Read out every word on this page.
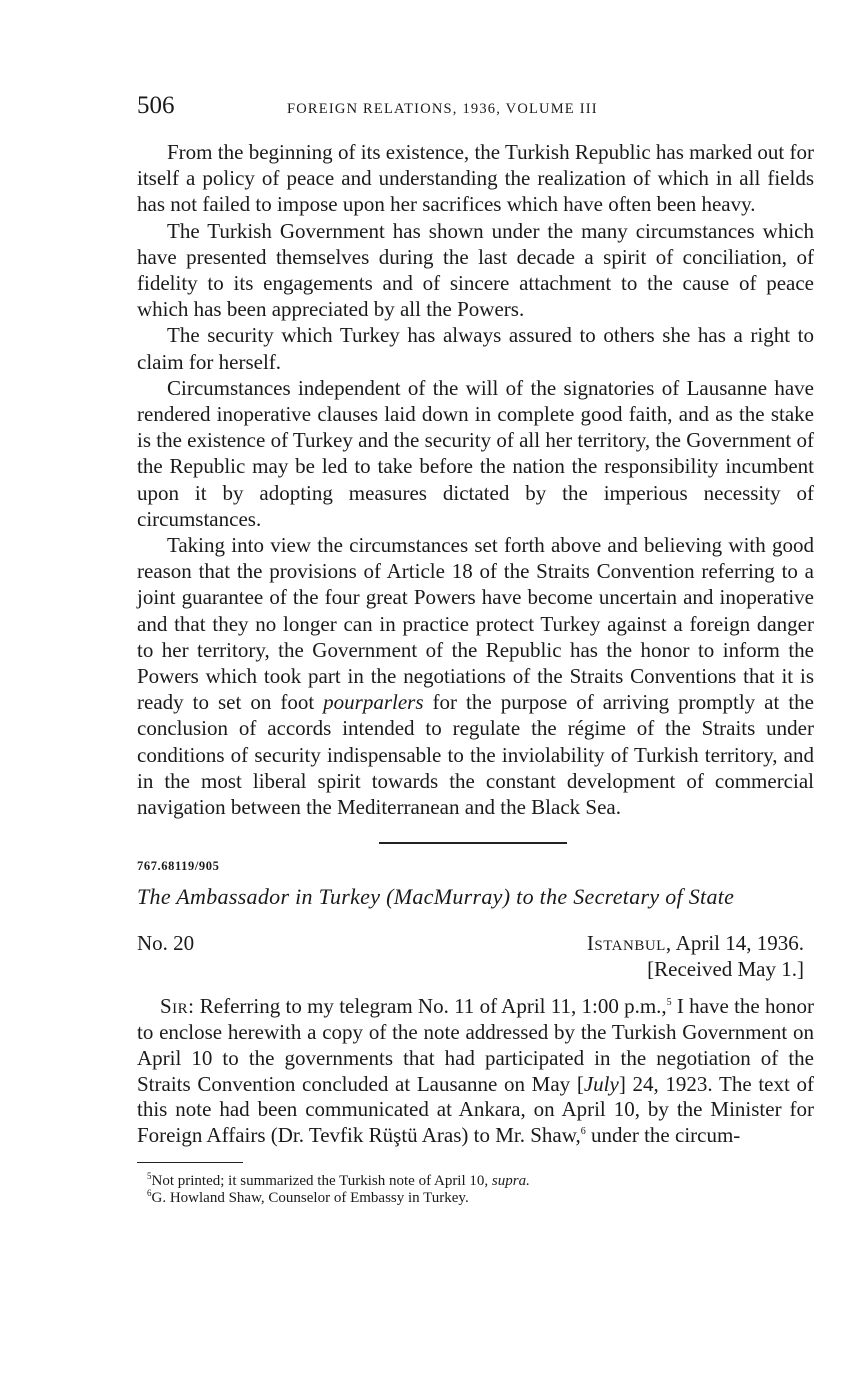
506	FOREIGN RELATIONS, 1936, VOLUME III

From the beginning of its existence, the Turkish Republic has marked out for itself a policy of peace and understanding the realization of which in all fields has not failed to impose upon her sacrifices which have often been heavy.

The Turkish Government has shown under the many circumstances which have presented themselves during the last decade a spirit of conciliation, of fidelity to its engagements and of sincere attachment to the cause of peace which has been appreciated by all the Powers.

The security which Turkey has always assured to others she has a right to claim for herself.

Circumstances independent of the will of the signatories of Lausanne have rendered inoperative clauses laid down in complete good faith, and as the stake is the existence of Turkey and the security of all her territory, the Government of the Republic may be led to take before the nation the responsibility incumbent upon it by adopting measures dictated by the imperious necessity of circumstances.

Taking into view the circumstances set forth above and believing with good reason that the provisions of Article 18 of the Straits Convention referring to a joint guarantee of the four great Powers have become uncertain and inoperative and that they no longer can in practice protect Turkey against a foreign danger to her territory, the Government of the Republic has the honor to inform the Powers which took part in the negotiations of the Straits Conventions that it is ready to set on foot pourparlers for the purpose of arriving promptly at the conclusion of accords intended to regulate the régime of the Straits under conditions of security indispensable to the inviolability of Turkish territory, and in the most liberal spirit towards the constant development of commercial navigation between the Mediterranean and the Black Sea.

767.68119/905
The Ambassador in Turkey (MacMurray) to the Secretary of State
No. 20	Istanbul, April 14, 1936.
[Received May 1.]

Sir: Referring to my telegram No. 11 of April 11, 1:00 p.m.,$^5$ I have the honor to enclose herewith a copy of the note addressed by the Turkish Government on April 10 to the governments that had participated in the negotiation of the Straits Convention concluded at Lausanne on May [July] 24, 1923. The text of this note had been communicated at Ankara, on April 10, by the Minister for Foreign Affairs (Dr. Tevfik Rüştü Aras) to Mr. Shaw,$^6$ under the circum-

$^5$Not printed; it summarized the Turkish note of April 10, supra.
$^6$G. Howland Shaw, Counselor of Embassy in Turkey.
